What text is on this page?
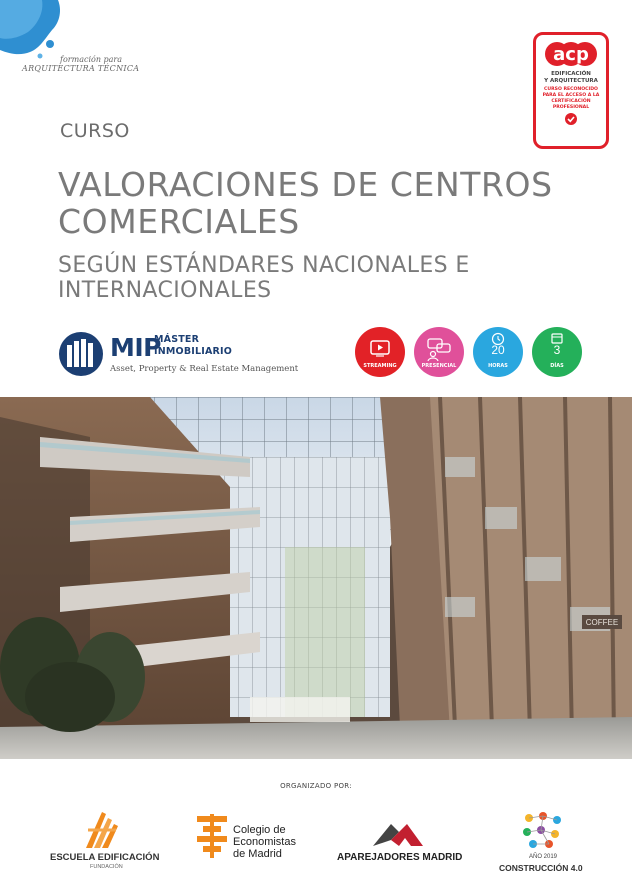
formación para
ARQUITECTURA TÉCNICA
acp
EDIFICACIÓN
Y ARQUITECTURA
CURSO RECONOCIDO PARA EL ACCESO A LA CERTIFICACIÓN PROFESIONAL
CURSO
VALORACIONES DE CENTROS COMERCIALES
SEGÚN ESTÁNDARES NACIONALES E INTERNACIONALES
MIP
MÁSTER
INMOBILIARIO
Asset, Property & Real Estate Management	STREAMING	PRESENCIAL
20
HORAS
3
DÍAS
COFFEE
ORGANIZADO POR:
ESCUELA EDIFICACIÓN
FUNDACIÓN
Colegio de
Economistas
de Madrid	APAREJADORES MADRID	AÑO 2019
CONSTRUCCIÓN 4.0
